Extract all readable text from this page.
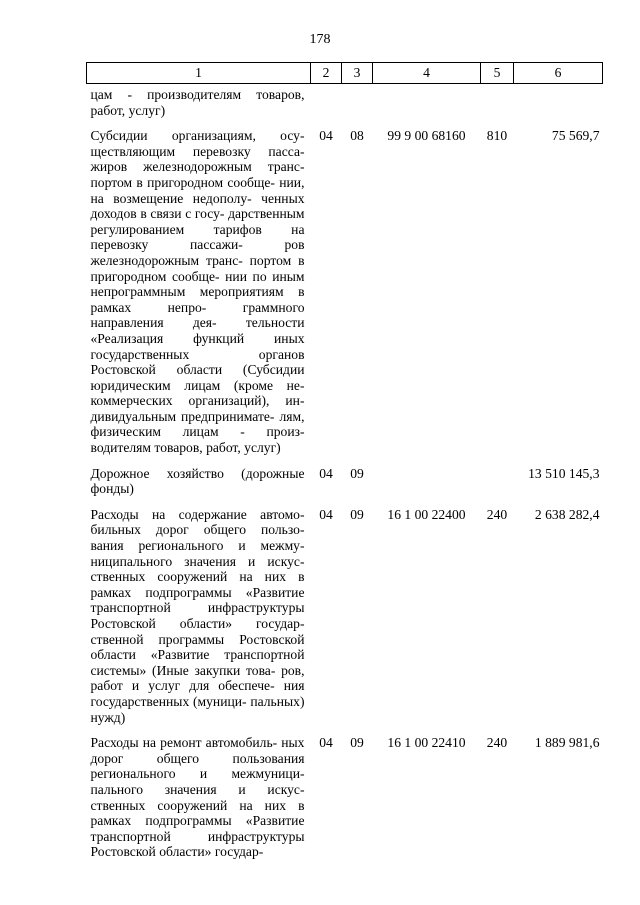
178
1	2	3	4	5	6
цам - производителям товаров, работ, услуг)					
Субсидии организациям, осу- ществляющим перевозку пасса- жиров железнодорожным транс- портом в пригородном сообще- нии, на возмещение недополу- ченных доходов в связи с госу- дарственным регулированием тарифов на перевозку пассажи- ров железнодорожным транс- портом в пригородном сообще- нии по иным непрограммным мероприятиям в рамках непро- граммного направления дея- тельности «Реализация функций иных государственных органов Ростовской области (Субсидии юридическим лицам (кроме не- коммерческих организаций), ин- дивидуальным предпринимате- лям, физическим лицам - произ- водителям товаров, работ, услуг)	04	08	99 9 00 68160	810	75 569,7
Дорожное хозяйство (дорожные фонды)	04	09			13 510 145,3
Расходы на содержание автомо- бильных дорог общего пользо- вания регионального и межму- ниципального значения и искус- ственных сооружений на них в рамках подпрограммы «Развитие транспортной инфраструктуры Ростовской области» государ- ственной программы Ростовской области «Развитие транспортной системы» (Иные закупки това- ров, работ и услуг для обеспече- ния государственных (муници- пальных) нужд)	04	09	16 1 00 22400	240	2 638 282,4
Расходы на ремонт автомобиль- ных дорог общего пользования регионального и межмуници- пального значения и искус- ственных сооружений на них в рамках подпрограммы «Развитие транспортной инфраструктуры Ростовской области» государ-	04	09	16 1 00 22410	240	1 889 981,6
